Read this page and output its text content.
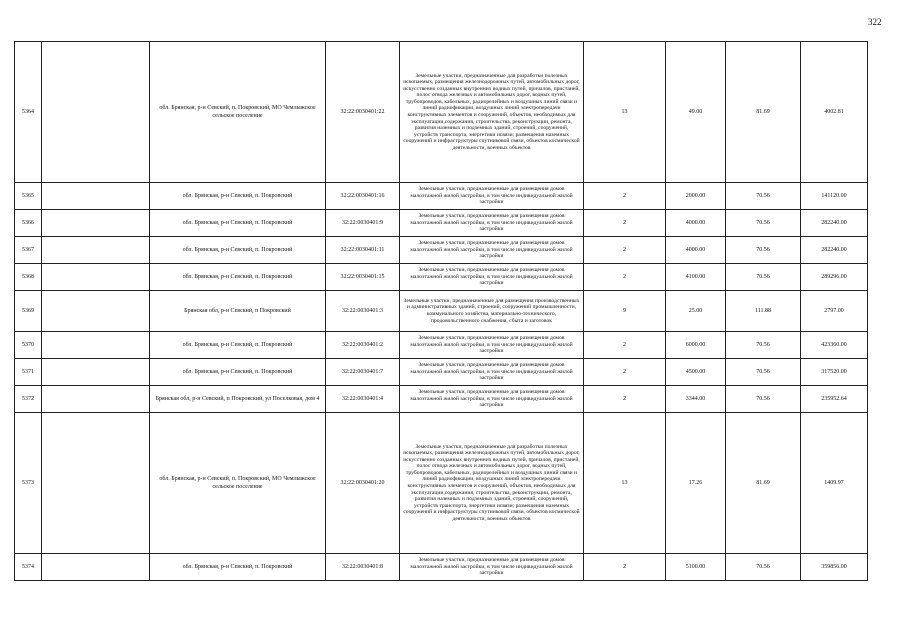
322
5364		обл. Брянская, р-н Севский, п. Покровский, МО Чемлыжское сельское поселение	32:22:0030401:22	Земельные участки, предназначенные для разработки полезных ископаемых, размещения железнодорожных путей, автомобильных дорог, искусственно созданных внутренних водных путей, причалов, пристаней, полос отвода железных и автомобильных дорог, водных путей, трубопроводов, кабельных, радиорелейных и воздушных линий связи и линий радиофикации, воздушных линий электропередачи конструктивных элементов и сооружений, объектов, необходимых для эксплуатации,содержания, строительства, реконструкции, ремонта, развития наземных и подземных зданий, строений, сооружений, устройств транспорта, энергетики исвязи; размещения наземных сооружений и инфраструктуры спутниковой связи, объектов космической деятельности, военных объектов	13	49.00	81.69	4002.81
5365		обл. Брянская, р-н Севский, п. Покровский	32:22:0030401:16	Земельные участки, предназначенные для размещения домов малоэтажной жилой застройки, в том числе индивидуальной жилой застройки	2	2000.00	70.56	141120.00
5366		обл. Брянская, р-н Севский, п. Покровский	32:22:0030401:9	Земельные участки, предназначенные для размещения домов малоэтажной жилой застройки, в том числе индивидуальной жилой застройки	2	4000.00	70.56	282240.00
5367		обл. Брянская, р-н Севский, п. Покровский	32:22:0030401:11	Земельные участки, предназначенные для размещения домов малоэтажной жилой застройки, в том числе индивидуальной жилой застройки	2	4000.00	70.56	282240.00
5368		обл. Брянская, р-н Севский, п. Покровский	32:22:0030401:15	Земельные участки, предназначенные для размещения домов малоэтажной жилой застройки, в том числе индивидуальной жилой застройки	2	4100.00	70.56	289296.00
5369		Брянская обл, р-н Севский, п Покровский	32:22:0030401:3	Земельные участки, предназначенные для размещения производственных и административных зданий, строений, сооружений промышленности, коммунального хозяйства, материально-технического, продовольственного снабжения, сбыта и заготовок	9	25.00	111.88	2797.00
5370		обл. Брянская, р-н Севский, п. Покровский	32:22:0030401:2	Земельные участки, предназначенные для размещения домов малоэтажной жилой застройки, в том числе индивидуальной жилой застройки	2	6000.00	70.56	423360.00
5371		обл. Брянская, р-н Севский, п. Покровский	32:22:0030401:7	Земельные участки, предназначенные для размещения домов малоэтажной жилой застройки, в том числе индивидуальной жилой застройки	2	4500.00	70.56	317520.00
5372		Брянская обл, р-н Севский, п Покровский, ул Поселковая, дом 4	32:22:0030401:4	Земельные участки, предназначенные для размещения домов малоэтажной жилой застройки, в том числе индивидуальной жилой застройки	2	3344.00	70.56	235952.64
5373		обл. Брянская, р-н Севский, п. Покровский, МО Чемлыжское сельское поселение	32:22:0030401:20	Земельные участки, предназначенные для разработки полезных ископаемых, размещения железнодорожных путей, автомобильных дорог, искусственно созданных внутренних водных путей, причалов, пристаней, полос отвода железных и автомобильных дорог, водных путей, трубопроводов, кабельных, радиорелейных и воздушных линий связи и линий радиофикации, воздушных линий электропередачи конструктивных элементов и сооружений, объектов, необходимых для эксплуатации,содержания, строительства, реконструкции, ремонта, развития наземных и подземных зданий, строений, сооружений, устройств транспорта, энергетики исвязи; размещения наземных сооружений и инфраструктуры спутниковой связи, объектов космической деятельности, военных объектов	13	17.26	81.69	1409.97
5374		обл. Брянская, р-н Севский, п. Покровский	32:22:0030401:8	Земельные участки, предназначенные для размещения домов малоэтажной жилой застройки, в том числе индивидуальной жилой застройки	2	5100.00	70.56	359856.00
